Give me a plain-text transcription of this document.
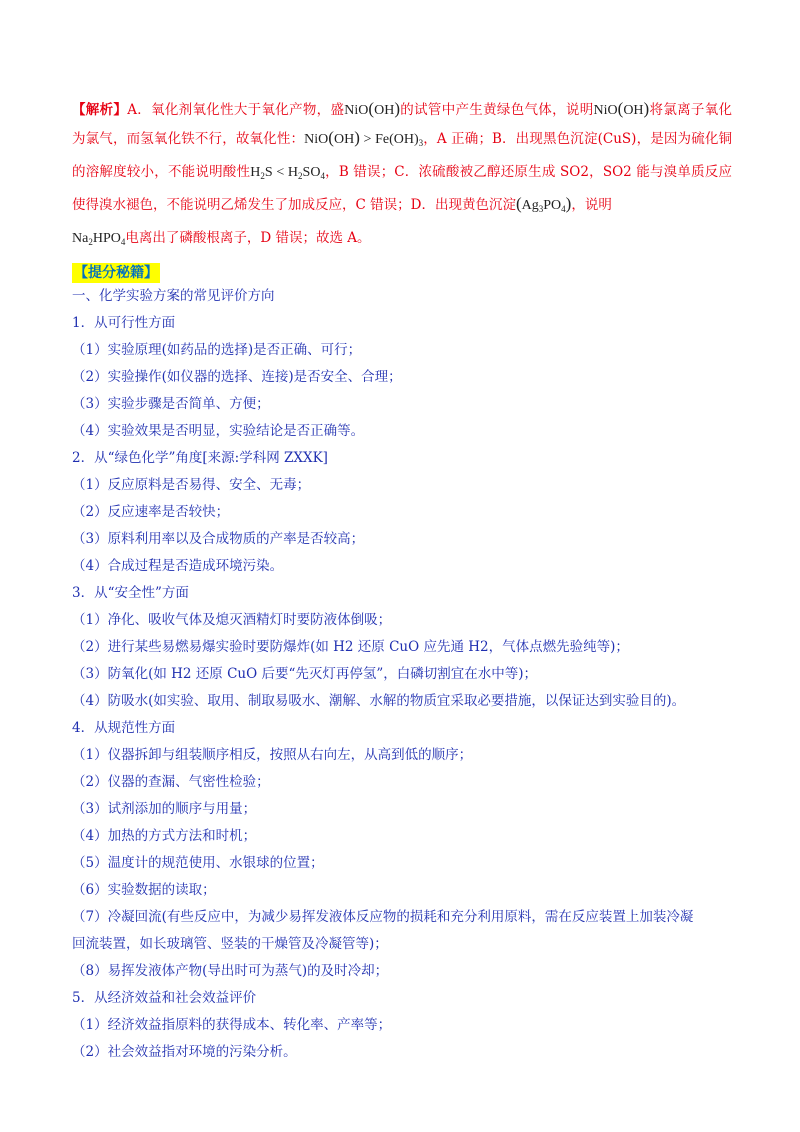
【解析】A．氧化剂氧化性大于氧化产物，盛NiO(OH)的试管中产生黄绿色气体，说明NiO(OH)将氯离子氧化为氯气，而氢氧化铁不行，故氧化性：$NiO(OH) > Fe(OH)_3$，A 正确；B．出现黑色沉淀(CuS)，是因为硫化铜的溶解度较小，不能说明酸性$H_2S < H_2SO_4$，B 错误；C．浓硫酸被乙醇还原生成 SO2，SO2 能与溴单质反应使得溴水褪色，不能说明乙烯发生了加成反应，C 错误；D．出现黄色沉淀$(Ag_3PO_4)$，说明
$Na_2HPO_4$电离出了磷酸根离子，D 错误；故选 A。
【提分秘籍】

一、化学实验方案的常见评价方向

1．从可行性方面

（1）实验原理(如药品的选择)是否正确、可行；

（2）实验操作(如仪器的选择、连接)是否安全、合理；

（3）实验步骤是否简单、方便；

（4）实验效果是否明显，实验结论是否正确等。

2．从“绿色化学”角度[来源:学科网 ZXXK]

（1）反应原料是否易得、安全、无毒；

（2）反应速率是否较快；

（3）原料利用率以及合成物质的产率是否较高；

（4）合成过程是否造成环境污染。

3．从“安全性”方面

（1）净化、吸收气体及熄灭酒精灯时要防液体倒吸；

（2）进行某些易燃易爆实验时要防爆炸(如 H2 还原 CuO 应先通 H2，气体点燃先验纯等)；

（3）防氧化(如 H2 还原 CuO 后要“先灭灯再停氢”，白磷切割宜在水中等)；

（4）防吸水(如实验、取用、制取易吸水、潮解、水解的物质宜采取必要措施，以保证达到实验目的)。

4．从规范性方面

（1）仪器拆卸与组装顺序相反，按照从右向左，从高到低的顺序；

（2）仪器的查漏、气密性检验；

（3）试剂添加的顺序与用量；

（4）加热的方式方法和时机；

（5）温度计的规范使用、水银球的位置；

（6）实验数据的读取；

（7）冷凝回流(有些反应中，为减少易挥发液体反应物的损耗和充分利用原料，需在反应装置上加装冷凝

回流装置，如长玻璃管、竖装的干燥管及冷凝管等)；

（8）易挥发液体产物(导出时可为蒸气)的及时冷却；

5．从经济效益和社会效益评价

（1）经济效益指原料的获得成本、转化率、产率等；

（2）社会效益指对环境的污染分析。
